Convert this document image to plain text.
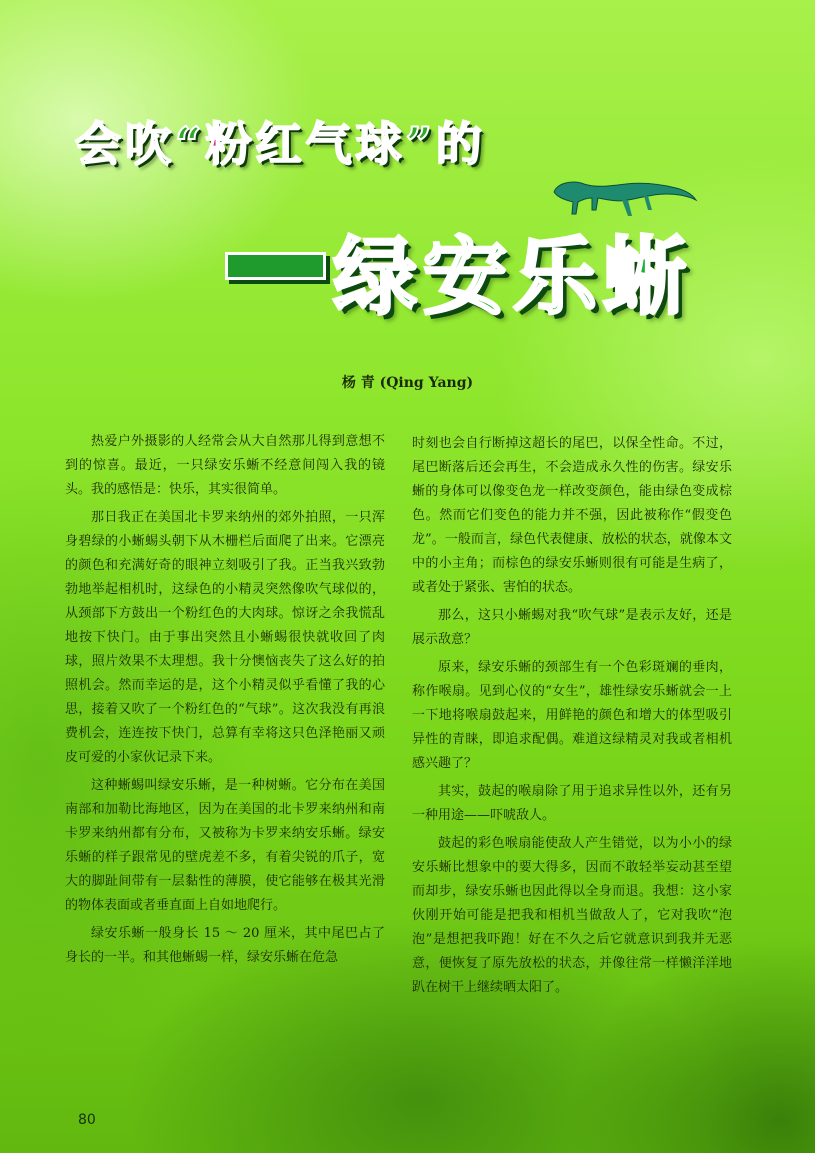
会吹“粉红气球”的
绿安乐蜥
杨 青 (Qing Yang)

热爱户外摄影的人经常会从大自然那儿得到意想不到的惊喜。最近，一只绿安乐蜥不经意间闯入我的镜头。我的感悟是：快乐，其实很简单。

那日我正在美国北卡罗来纳州的郊外拍照，一只浑身碧绿的小蜥蜴头朝下从木栅栏后面爬了出来。它漂亮的颜色和充满好奇的眼神立刻吸引了我。正当我兴致勃勃地举起相机时，这绿色的小精灵突然像吹气球似的，从颈部下方鼓出一个粉红色的大肉球。惊讶之余我慌乱地按下快门。由于事出突然且小蜥蜴很快就收回了肉球，照片效果不太理想。我十分懊恼丧失了这么好的拍照机会。然而幸运的是，这个小精灵似乎看懂了我的心思，接着又吹了一个粉红色的“气球”。这次我没有再浪费机会，连连按下快门，总算有幸将这只色泽艳丽又顽皮可爱的小家伙记录下来。

这种蜥蜴叫绿安乐蜥，是一种树蜥。它分布在美国南部和加勒比海地区，因为在美国的北卡罗来纳州和南卡罗来纳州都有分布，又被称为卡罗来纳安乐蜥。绿安乐蜥的样子跟常见的壁虎差不多，有着尖锐的爪子，宽大的脚趾间带有一层黏性的薄膜，使它能够在极其光滑的物体表面或者垂直面上自如地爬行。

绿安乐蜥一般身长 15 ～ 20 厘米，其中尾巴占了身长的一半。和其他蜥蜴一样，绿安乐蜥在危急

时刻也会自行断掉这超长的尾巴，以保全性命。不过，尾巴断落后还会再生，不会造成永久性的伤害。绿安乐蜥的身体可以像变色龙一样改变颜色，能由绿色变成棕色。然而它们变色的能力并不强，因此被称作“假变色龙”。一般而言，绿色代表健康、放松的状态，就像本文中的小主角；而棕色的绿安乐蜥则很有可能是生病了，或者处于紧张、害怕的状态。

那么，这只小蜥蜴对我“吹气球”是表示友好，还是展示敌意？

原来，绿安乐蜥的颈部生有一个色彩斑斓的垂肉，称作喉扇。见到心仪的“女生”，雄性绿安乐蜥就会一上一下地将喉扇鼓起来，用鲜艳的颜色和增大的体型吸引异性的青睐，即追求配偶。难道这绿精灵对我或者相机感兴趣了？

其实，鼓起的喉扇除了用于追求异性以外，还有另一种用途——吓唬敌人。

鼓起的彩色喉扇能使敌人产生错觉，以为小小的绿安乐蜥比想象中的要大得多，因而不敢轻举妄动甚至望而却步，绿安乐蜥也因此得以全身而退。我想：这小家伙刚开始可能是把我和相机当做敌人了，它对我吹“泡泡”是想把我吓跑！好在不久之后它就意识到我并无恶意，便恢复了原先放松的状态，并像往常一样懒洋洋地趴在树干上继续晒太阳了。

80
